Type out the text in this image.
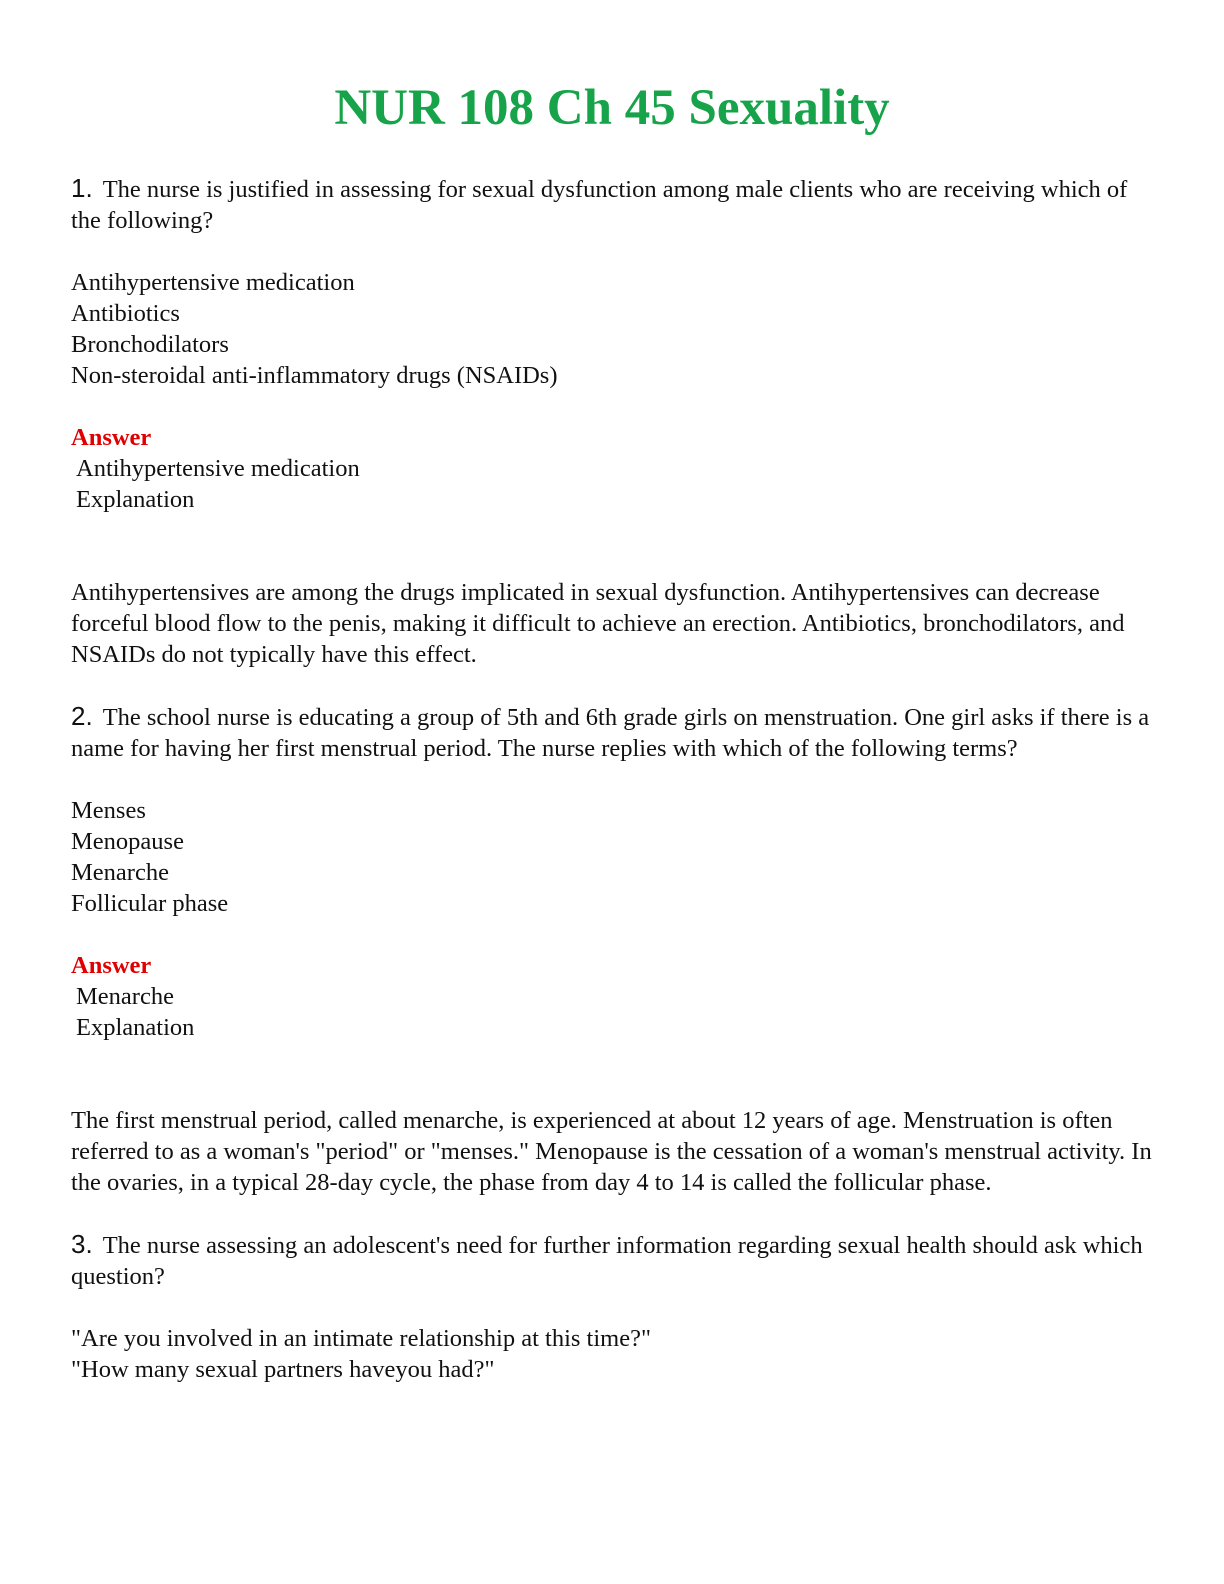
NUR 108 Ch 45 Sexuality

1. The nurse is justified in assessing for sexual dysfunction among male clients who are receiving which of the following?

Antihypertensive medication
Antibiotics
Bronchodilators
Non-steroidal anti-inflammatory drugs (NSAIDs)

Answer

Antihypertensive medication

Explanation

Antihypertensives are among the drugs implicated in sexual dysfunction. Antihypertensives can decrease forceful blood flow to the penis, making it difficult to achieve an erection. Antibiotics, bronchodilators, and NSAIDs do not typically have this effect.

2. The school nurse is educating a group of 5th and 6th grade girls on menstruation. One girl asks if there is a name for having her first menstrual period. The nurse replies with which of the following terms?

Menses
Menopause
Menarche
Follicular phase

Answer

Menarche

Explanation

The first menstrual period, called menarche, is experienced at about 12 years of age. Menstruation is often referred to as a woman's "period" or "menses." Menopause is the cessation of a woman's menstrual activity. In the ovaries, in a typical 28-day cycle, the phase from day 4 to 14 is called the follicular phase.

3. The nurse assessing an adolescent's need for further information regarding sexual health should ask which question?

"Are you involved in an intimate relationship at this time?"
"How many sexual partners haveyou had?"
